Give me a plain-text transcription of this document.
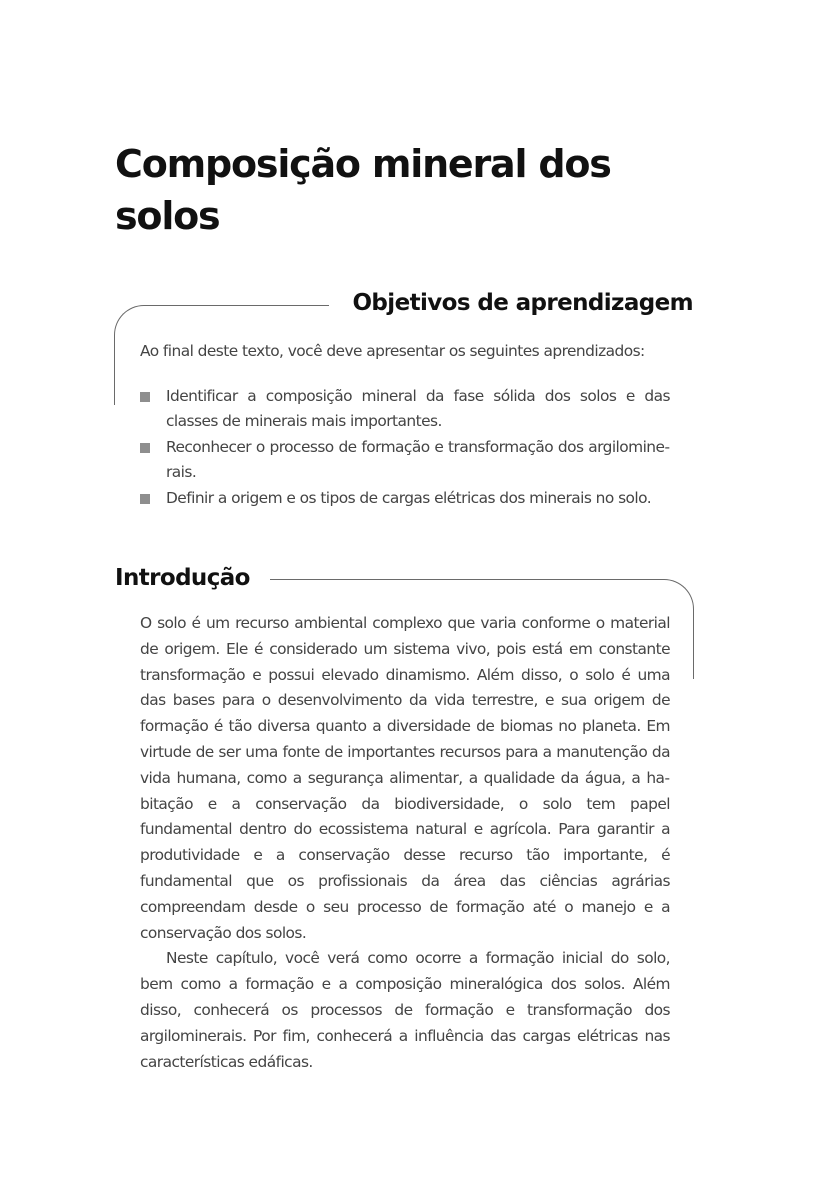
Composição mineral dos solos
Objetivos de aprendizagem

Ao final deste texto, você deve apresentar os seguintes aprendizados:

Identificar a composição mineral da fase sólida dos solos e das classes de minerais mais importantes.
Reconhecer o processo de formação e transformação dos argilominerais.
Definir a origem e os tipos de cargas elétricas dos minerais no solo.
Introdução

O solo é um recurso ambiental complexo que varia conforme o material de origem. Ele é considerado um sistema vivo, pois está em constante transformação e possui elevado dinamismo. Além disso, o solo é uma das bases para o desenvolvimento da vida terrestre, e sua origem de formação é tão diversa quanto a diversidade de biomas no planeta. Em virtude de ser uma fonte de importantes recursos para a manutenção da vida humana, como a segurança alimentar, a qualidade da água, a habitação e a conservação da biodiversidade, o solo tem papel fundamental dentro do ecossistema natural e agrícola. Para garantir a produtividade e a conservação desse recurso tão importante, é fundamental que os profissionais da área das ciências agrárias compreendam desde o seu processo de formação até o manejo e a conservação dos solos.

Neste capítulo, você verá como ocorre a formação inicial do solo, bem como a formação e a composição mineralógica dos solos. Além disso, conhecerá os processos de formação e transformação dos argilominerais. Por fim, conhecerá a influência das cargas elétricas nas características edáficas.
